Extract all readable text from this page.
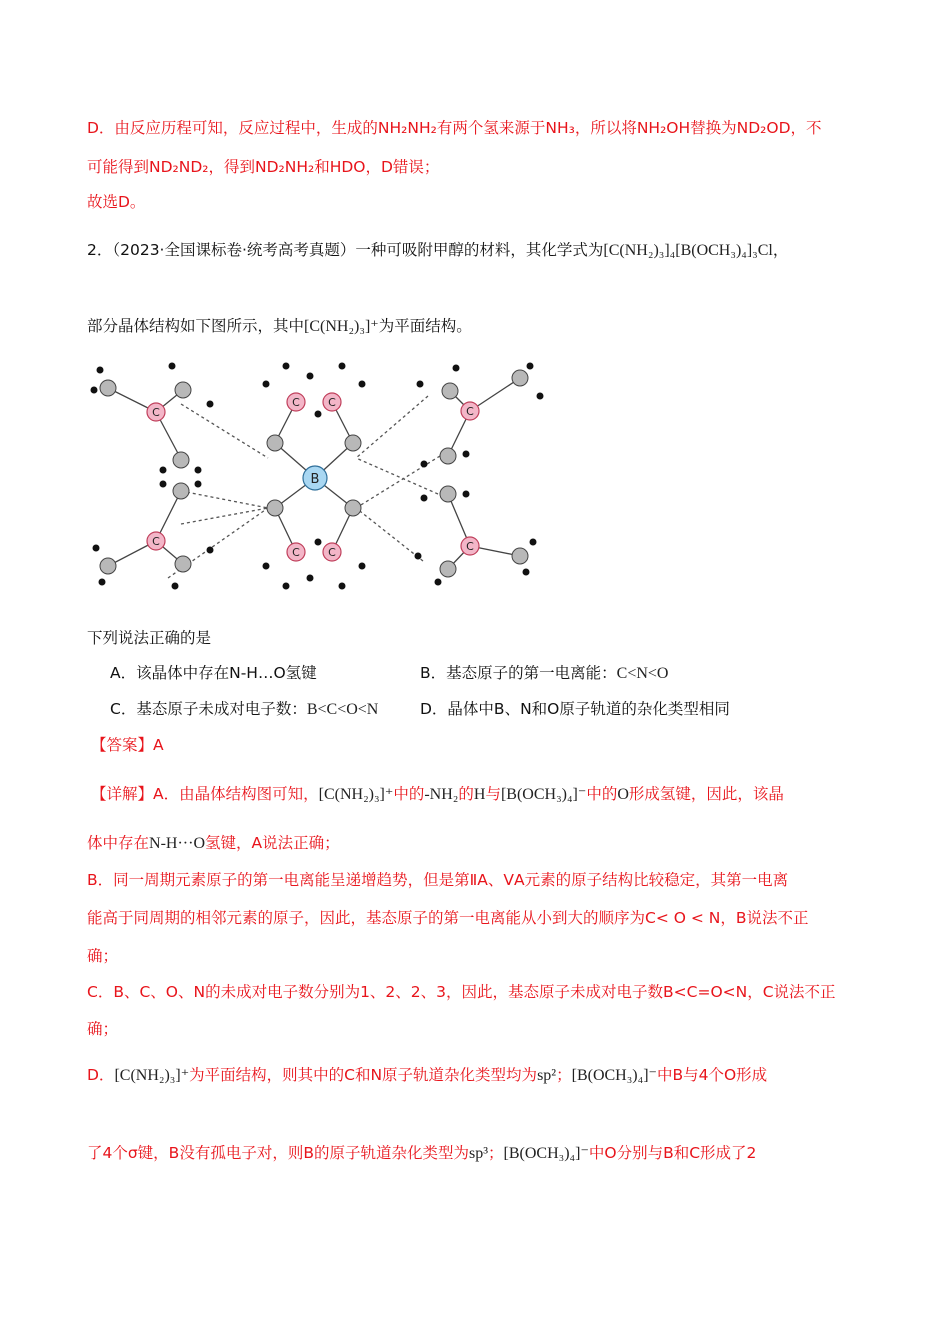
D．由反应历程可知，反应过程中，生成的NH₂NH₂有两个氢来源于NH₃，所以将NH₂OH替换为ND₂OD，不
可能得到ND₂ND₂，得到ND₂NH₂和HDO，D错误；
故选D。
2．（2023·全国课标卷·统考高考真题）一种可吸附甲醇的材料，其化学式为[C(NH₂)₃]₄[B(OCH₃)₄]₃Cl，
部分晶体结构如下图所示，其中[C(NH₂)₃]⁺为平面结构。
C
C
C	C
C	C
C
C
B
下列说法正确的是
A．该晶体中存在N-H…O氢键	B．基态原子的第一电离能：C<N<O
C．基态原子未成对电子数：B<C<O<N	D．晶体中B、N和O原子轨道的杂化类型相同
【答案】A
【详解】A．由晶体结构图可知，[C(NH₂)₃]⁺中的-NH₂的H与[B(OCH₃)₄]⁻中的O形成氢键，因此，该晶
体中存在N-H···O氢键，A说法正确；
B．同一周期元素原子的第一电离能呈递增趋势，但是第ⅡA、ⅤA元素的原子结构比较稳定，其第一电离
能高于同周期的相邻元素的原子，因此，基态原子的第一电离能从小到大的顺序为C< O < N，B说法不正
确；
C．B、C、O、N的未成对电子数分别为1、2、2、3，因此，基态原子未成对电子数B<C=O<N，C说法不正
确；
D．[C(NH₂)₃]⁺为平面结构，则其中的C和N原子轨道杂化类型均为sp²；[B(OCH₃)₄]⁻中B与4个O形成
了4个σ键，B没有孤电子对，则B的原子轨道杂化类型为sp³；[B(OCH₃)₄]⁻中O分别与B和C形成了2
